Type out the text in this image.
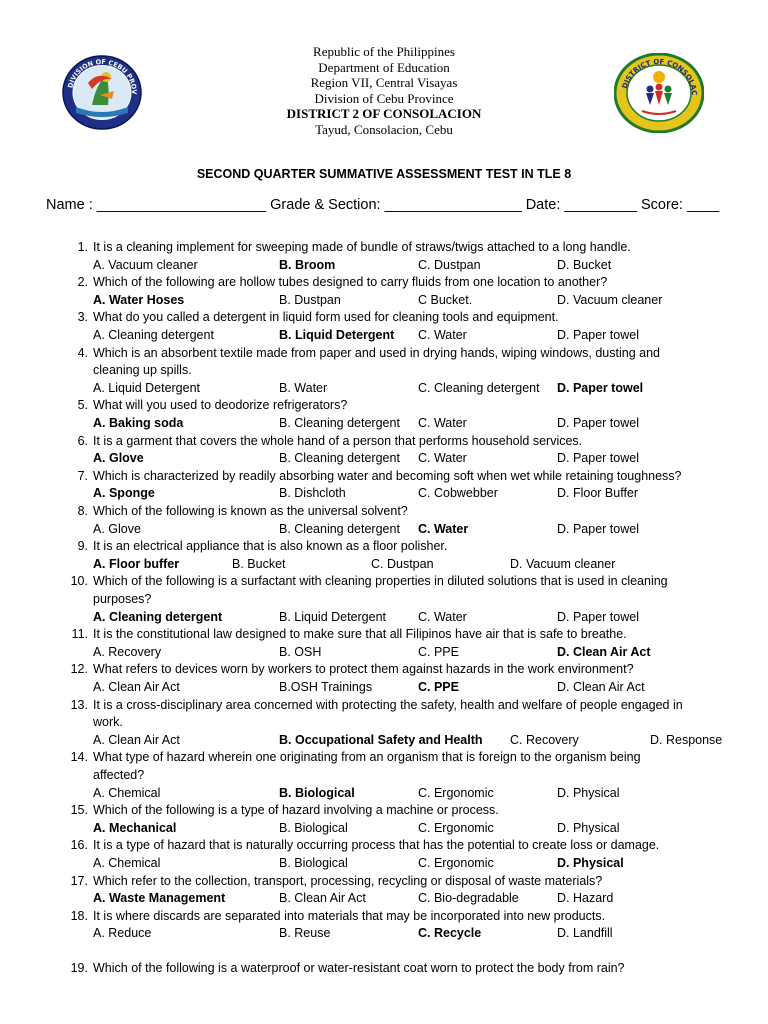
DIVISION OF CEBU PROV
DISTRICT OF CONSOLAC
Republic of the Philippines
Department of Education
Region VII, Central Visayas
Division of Cebu Province
DISTRICT 2 OF CONSOLACION
Tayud, Consolacion, Cebu
SECOND QUARTER SUMMATIVE ASSESSMENT TEST IN TLE 8
Name : _____________________ Grade & Section: _________________ Date: _________ Score: ____
1. It is a cleaning implement for sweeping made of bundle of straws/twigs attached to a long handle.
A. Vacuum cleaner	B. Broom	C. Dustpan	D. Bucket
2. Which of the following are hollow tubes designed to carry fluids from one location to another?
A. Water Hoses	B. Dustpan	C Bucket.	D. Vacuum cleaner
3. What do you called a detergent in liquid form used for cleaning tools and equipment.
A. Cleaning detergent	B. Liquid Detergent	C. Water	D. Paper towel
4. Which is an absorbent textile made from paper and used in drying hands, wiping windows, dusting and
cleaning up spills.
A. Liquid Detergent	B. Water	C. Cleaning detergent	D. Paper towel
5. What will you used to deodorize refrigerators?
A. Baking soda	B. Cleaning detergent	C. Water	D. Paper towel
6. It is a garment that covers the whole hand of a person that performs household services.
A. Glove	B. Cleaning detergent	C. Water	D. Paper towel
7. Which is characterized by readily absorbing water and becoming soft when wet while retaining toughness?
A. Sponge	B. Dishcloth	C. Cobwebber	D. Floor Buffer
8. Which of the following is known as the universal solvent?
A. Glove	B. Cleaning detergent	C. Water	D. Paper towel
9. It is an electrical appliance that is also known as a floor polisher.
A. Floor buffer	B. Bucket	C. Dustpan	D. Vacuum cleaner
10. Which of the following is a surfactant with cleaning properties in diluted solutions that is used in cleaning
purposes?
A. Cleaning detergent	B. Liquid Detergent	C. Water	D. Paper towel
11. It is the constitutional law designed to make sure that all Filipinos have air that is safe to breathe.
A. Recovery	B. OSH	C. PPE	D. Clean Air Act
12. What refers to devices worn by workers to protect them against hazards in the work environment?
A. Clean Air Act	B.OSH Trainings	C. PPE	D. Clean Air Act
13. It is a cross-disciplinary area concerned with protecting the safety, health and welfare of people engaged in
work.
A. Clean Air Act	B. Occupational Safety and Health	C. Recovery	D. Response
14. What type of hazard wherein one originating from an organism that is foreign to the organism being
affected?
A. Chemical	B. Biological	C. Ergonomic	D. Physical
15. Which of the following is a type of hazard involving a machine or process.
A. Mechanical	B. Biological	C. Ergonomic	D. Physical
16. It is a type of hazard that is naturally occurring process that has the potential to create loss or damage.
A. Chemical	B. Biological	C. Ergonomic	D. Physical
17. Which refer to the collection, transport, processing, recycling or disposal of waste materials?
A. Waste Management	B. Clean Air Act	C. Bio-degradable	D. Hazard
18. It is where discards are separated into materials that may be incorporated into new products.
A. Reduce	B. Reuse	C. Recycle	D. Landfill
19. Which of the following is a waterproof or water-resistant coat worn to protect the body from rain?
